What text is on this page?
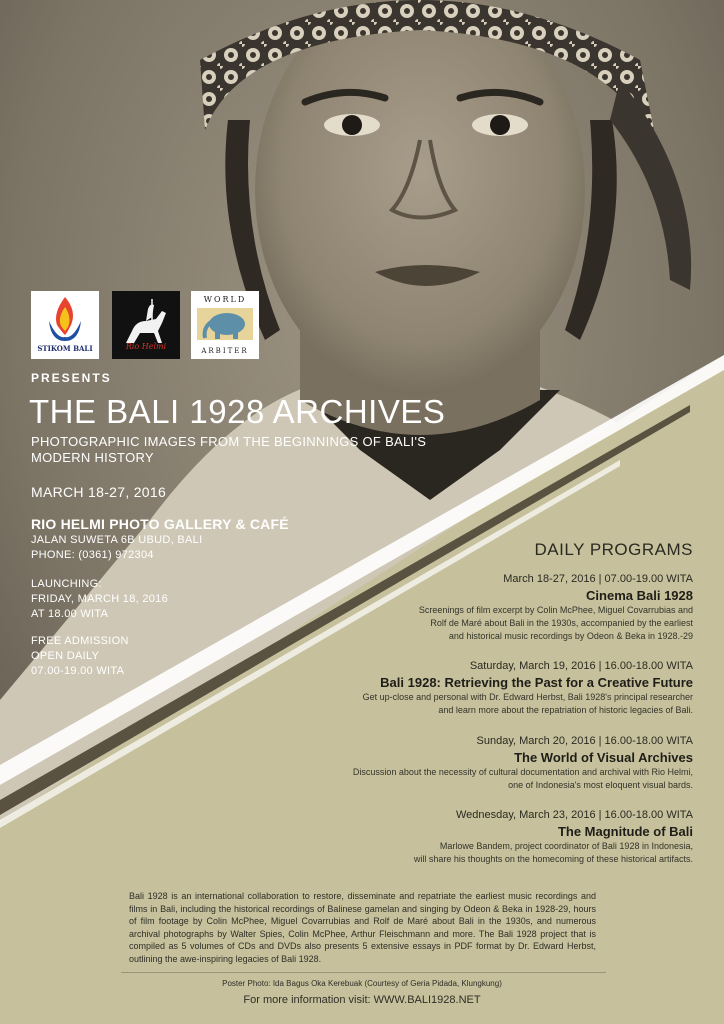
STIKOM BALI	Rio Helmi
WORLD
ARBITER
PRESENTS
THE BALI 1928 ARCHIVES
PHOTOGRAPHIC IMAGES FROM THE BEGINNINGS OF BALI'S
MODERN HISTORY
MARCH 18-27, 2016
RIO HELMI PHOTO GALLERY & CAFÉ
JALAN SUWETA 6B UBUD, BALI
PHONE: (0361) 972304
LAUNCHING:
FRIDAY, MARCH 18, 2016
AT 18.00 WITA
FREE ADMISSION
OPEN DAILY
07.00-19.00 WITA
DAILY PROGRAMS
March 18-27, 2016 | 07.00-19.00 WITA
Cinema Bali 1928
Screenings of film excerpt by Colin McPhee, Miguel Covarrubias and
Rolf de Maré about Bali in the 1930s, accompanied by the earliest
and historical music recordings by Odeon & Beka in 1928.-29
Saturday, March 19, 2016 | 16.00-18.00 WITA
Bali 1928: Retrieving the Past for a Creative Future
Get up-close and personal with Dr. Edward Herbst, Bali 1928's principal researcher
and learn more about the repatriation of historic legacies of Bali.
Sunday, March 20, 2016 | 16.00-18.00 WITA
The World of Visual Archives
Discussion about the necessity of cultural documentation and archival with Rio Helmi,
one of Indonesia's most eloquent visual bards.
Wednesday, March 23, 2016 | 16.00-18.00 WITA
The Magnitude of Bali
Marlowe Bandem, project coordinator of Bali 1928 in Indonesia,
will share his thoughts on the homecoming of these historical artifacts.

Bali 1928 is an international collaboration to restore, disseminate and repatriate the earliest music recordings and films in Bali, including the historical recordings of Balinese gamelan and singing by Odeon & Beka in 1928-29, hours of film footage by Colin McPhee, Miguel Covarrubias and Rolf de Maré about Bali in the 1930s, and numerous archival photographs by Walter Spies, Colin McPhee, Arthur Fleischmann and more. The Bali 1928 project that is compiled as 5 volumes of CDs and DVDs also presents 5 extensive essays in PDF format by Dr. Edward Herbst, outlining the awe-inspiring legacies of Bali 1928.

Poster Photo: Ida Bagus Oka Kerebuak (Courtesy of Geria Pidada, Klungkung)
For more information visit: WWW.BALI1928.NET
